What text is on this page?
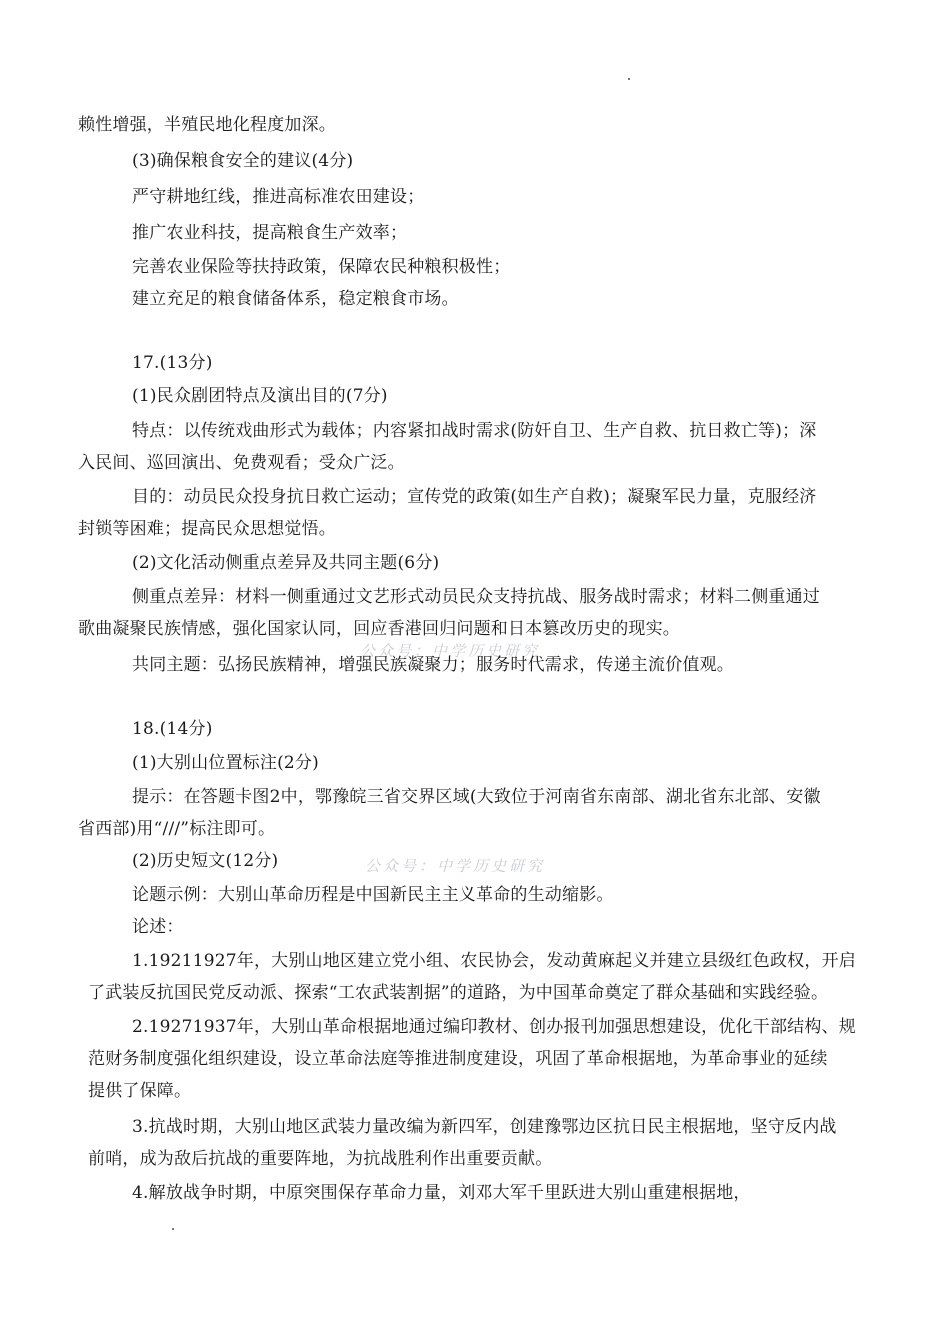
公众号：中学历史研究
公众号：中学历史研究
赖性增强，半殖民地化程度加深。
(3)确保粮食安全的建议(4分)
严守耕地红线，推进高标准农田建设；
推广农业科技，提高粮食生产效率；
完善农业保险等扶持政策，保障农民种粮积极性；
建立充足的粮食储备体系，稳定粮食市场。
17.(13分)
(1)民众剧团特点及演出目的(7分)
特点：以传统戏曲形式为载体；内容紧扣战时需求(防奸自卫、生产自救、抗日救亡等)；深
入民间、巡回演出、免费观看；受众广泛。
目的：动员民众投身抗日救亡运动；宣传党的政策(如生产自救)；凝聚军民力量，克服经济
封锁等困难；提高民众思想觉悟。
(2)文化活动侧重点差异及共同主题(6分)
侧重点差异：材料一侧重通过文艺形式动员民众支持抗战、服务战时需求；材料二侧重通过
歌曲凝聚民族情感，强化国家认同，回应香港回归问题和日本篡改历史的现实。
共同主题：弘扬民族精神，增强民族凝聚力；服务时代需求，传递主流价值观。
18.(14分)
(1)大别山位置标注(2分)
提示：在答题卡图2中，鄂豫皖三省交界区域(大致位于河南省东南部、湖北省东北部、安徽
省西部)用“///”标注即可。
(2)历史短文(12分)
论题示例：大别山革命历程是中国新民主主义革命的生动缩影。
论述：
1.19211927年，大别山地区建立党小组、农民协会，发动黄麻起义并建立县级红色政权，开启
了武装反抗国民党反动派、探索“工农武装割据”的道路，为中国革命奠定了群众基础和实践经验。
2.19271937年，大别山革命根据地通过编印教材、创办报刊加强思想建设，优化干部结构、规
范财务制度强化组织建设，设立革命法庭等推进制度建设，巩固了革命根据地，为革命事业的延续
提供了保障。
3.抗战时期，大别山地区武装力量改编为新四军，创建豫鄂边区抗日民主根据地，坚守反内战
前哨，成为敌后抗战的重要阵地，为抗战胜利作出重要贡献。
4.解放战争时期，中原突围保存革命力量，刘邓大军千里跃进大别山重建根据地，
